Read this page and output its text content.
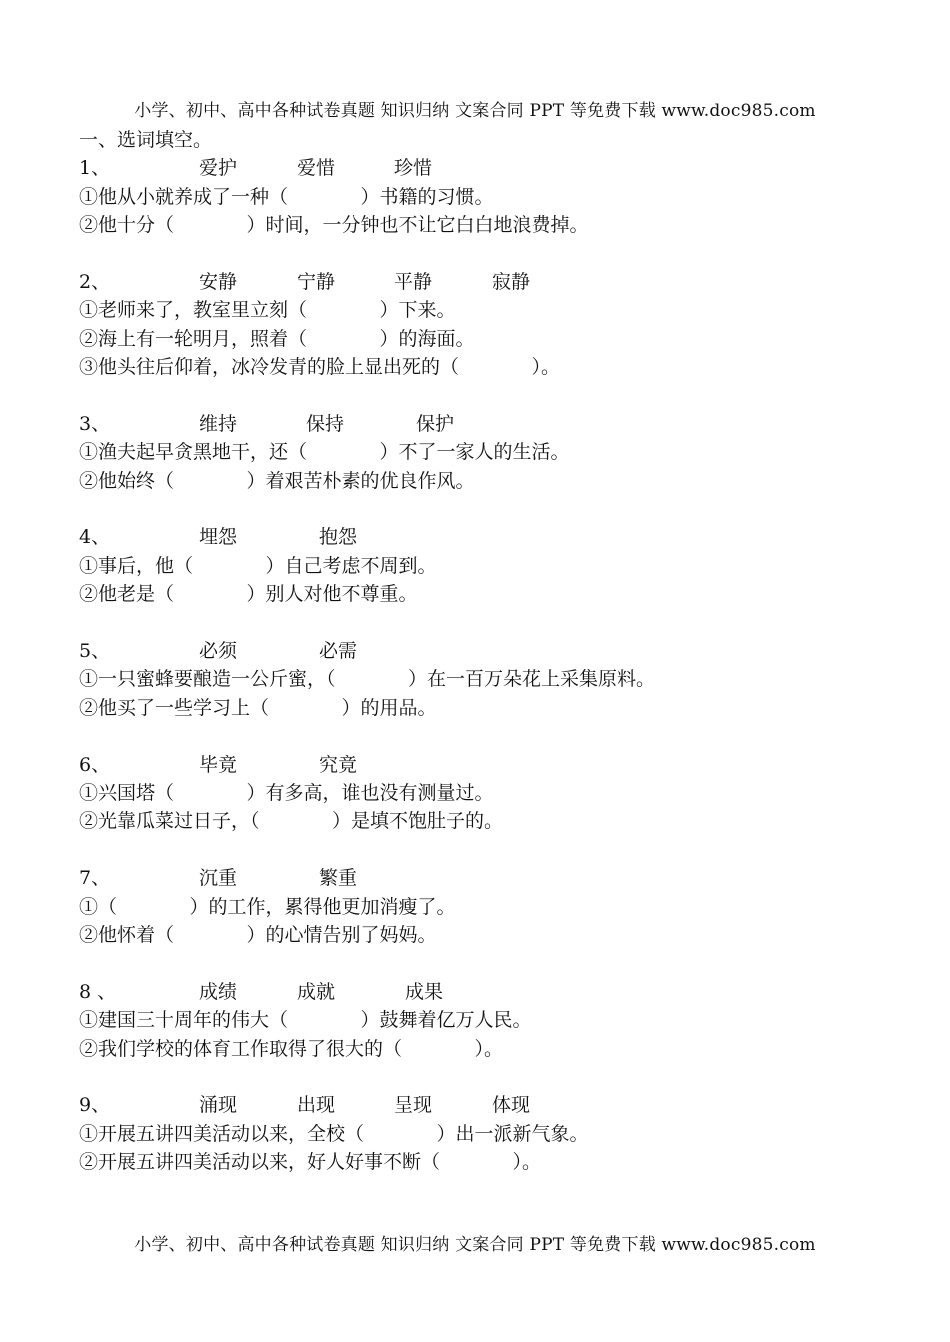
小学、初中、高中各种试卷真题 知识归纳 文案合同 PPT 等免费下载 www.doc985.com
一、选词填空。
1、	爱护	爱惜	珍惜
①他从小就养成了一种（            ）书籍的习惯。
②他十分（            ）时间，一分钟也不让它白白地浪费掉。
2、	安静	宁静	平静	寂静
①老师来了，教室里立刻（            ）下来。
②海上有一轮明月，照着（            ）的海面。
③他头往后仰着，冰冷发青的脸上显出死的（            ）。
3、	维持	保持	保护
①渔夫起早贪黑地干，还（            ）不了一家人的生活。
②他始终（            ）着艰苦朴素的优良作风。
4、	埋怨	抱怨
①事后，他（            ）自己考虑不周到。
②他老是（            ）别人对他不尊重。
5、	必须	必需
①一只蜜蜂要酿造一公斤蜜，（            ）在一百万朵花上采集原料。
②他买了一些学习上（            ）的用品。
6、	毕竟	究竟
①兴国塔（            ）有多高，谁也没有测量过。
②光靠瓜菜过日子，（            ）是填不饱肚子的。
7、	沉重	繁重
①（            ）的工作，累得他更加消瘦了。
②他怀着（            ）的心情告别了妈妈。
8 、	成绩	成就	成果
①建国三十周年的伟大（            ）鼓舞着亿万人民。
②我们学校的体育工作取得了很大的（            ）。
9、	涌现	出现	呈现	体现
①开展五讲四美活动以来，全校（            ）出一派新气象。
②开展五讲四美活动以来，好人好事不断（            ）。
小学、初中、高中各种试卷真题 知识归纳 文案合同 PPT 等免费下载 www.doc985.com
